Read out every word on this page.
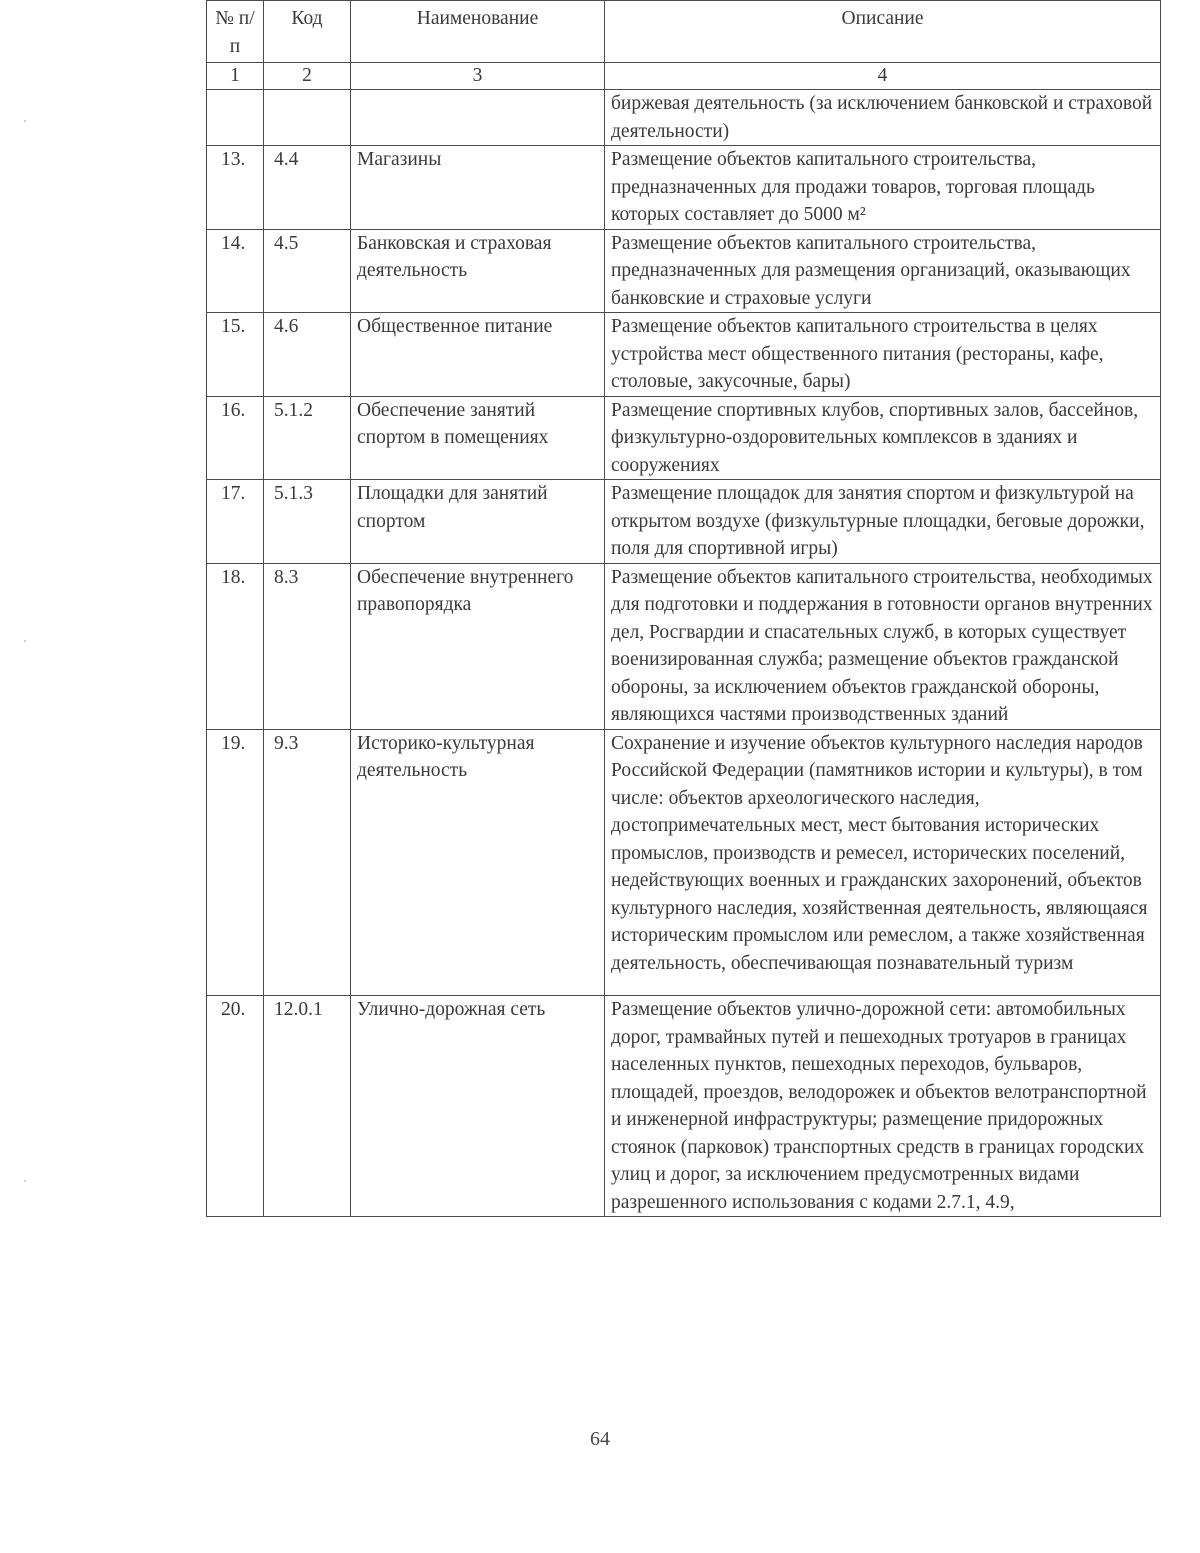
№ п/п	Код	Наименование	Описание
1	2	3	4
			биржевая деятельность (за исключением банковской и страховой деятельности)
13.	4.4	Магазины	Размещение объектов капитального строительства, предназначенных для продажи товаров, торговая площадь которых составляет до 5000 м²
14.	4.5	Банковская и страховая деятельность	Размещение объектов капитального строительства, предназначенных для размещения организаций, оказывающих банковские и страховые услуги
15.	4.6	Общественное питание	Размещение объектов капитального строительства в целях устройства мест общественного питания (рестораны, кафе, столовые, закусочные, бары)
16.	5.1.2	Обеспечение занятий спортом в помещениях	Размещение спортивных клубов, спортивных залов, бассейнов, физкультурно-оздоровительных комплексов в зданиях и сооружениях
17.	5.1.3	Площадки для занятий спортом	Размещение площадок для занятия спортом и физкультурой на открытом воздухе (физкультурные площадки, беговые дорожки, поля для спортивной игры)
18.	8.3	Обеспечение внутреннего правопорядка	Размещение объектов капитального строительства, необходимых для подготовки и поддержания в готовности органов внутренних дел, Росгвардии и спасательных служб, в которых существует военизированная служба; размещение объектов гражданской обороны, за исключением объектов гражданской обороны, являющихся частями производственных зданий
19.	9.3	Историко-культурная деятельность	Сохранение и изучение объектов культурного наследия народов Российской Федерации (памятников истории и культуры), в том числе: объектов археологического наследия, достопримечательных мест, мест бытования исторических промыслов, производств и ремесел, исторических поселений, недействующих военных и гражданских захоронений, объектов культурного наследия, хозяйственная деятельность, являющаяся историческим промыслом или ремеслом, а также хозяйственная деятельность, обеспечивающая познавательный туризм
20.	12.0.1	Улично-дорожная сеть	Размещение объектов улично-дорожной сети: автомобильных дорог, трамвайных путей и пешеходных тротуаров в границах населенных пунктов, пешеходных переходов, бульваров, площадей, проездов, велодорожек и объектов велотранспортной и инженерной инфраструктуры; размещение придорожных стоянок (парковок) транспортных средств в границах городских улиц и дорог, за исключением предусмотренных видами разрешенного использования с кодами 2.7.1, 4.9,
64
